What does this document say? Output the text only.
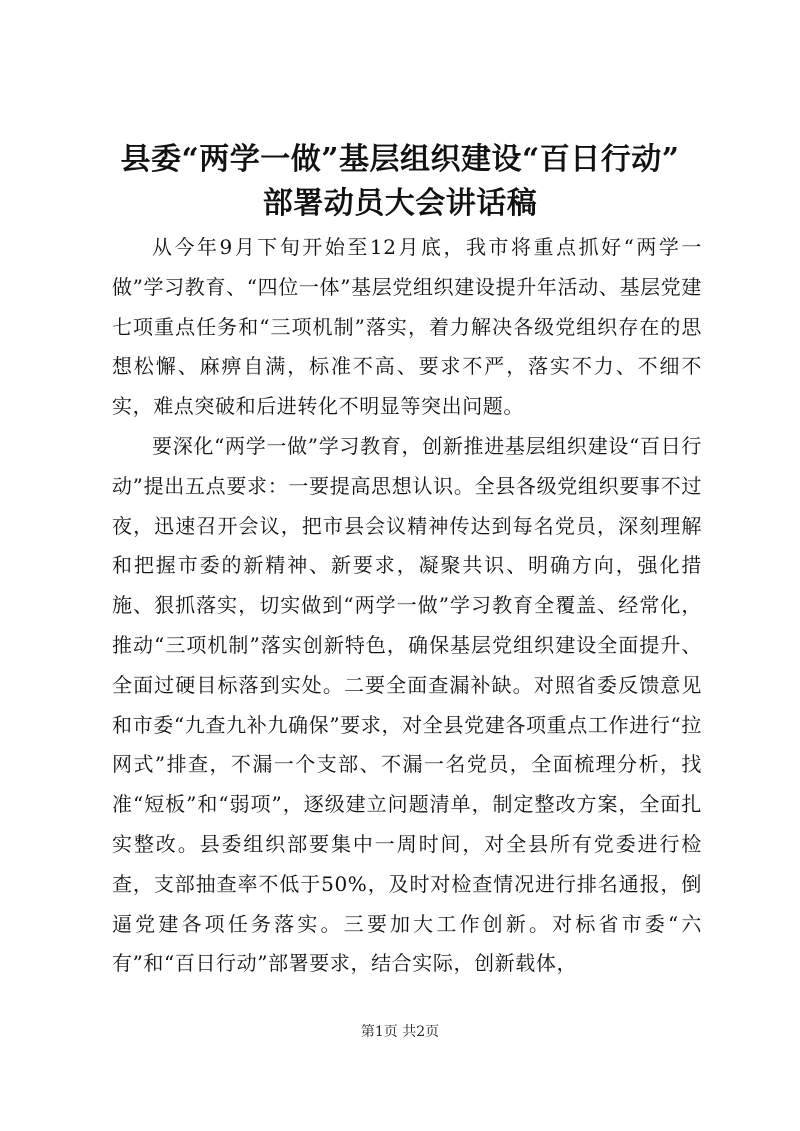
县委“两学一做”基层组织建设“百日行动”
部署动员大会讲话稿

从今年9月下旬开始至12月底，我市将重点抓好“两学一做”学习教育、“四位一体”基层党组织建设提升年活动、基层党建七项重点任务和“三项机制”落实，着力解决各级党组织存在的思想松懈、麻痹自满，标准不高、要求不严，落实不力、不细不实，难点突破和后进转化不明显等突出问题。

要深化“两学一做”学习教育，创新推进基层组织建设“百日行动”提出五点要求：一要提高思想认识。全县各级党组织要事不过夜，迅速召开会议，把市县会议精神传达到每名党员，深刻理解和把握市委的新精神、新要求，凝聚共识、明确方向，强化措施、狠抓落实，切实做到“两学一做”学习教育全覆盖、经常化，推动“三项机制”落实创新特色，确保基层党组织建设全面提升、全面过硬目标落到实处。二要全面查漏补缺。对照省委反馈意见和市委“九查九补九确保”要求，对全县党建各项重点工作进行“拉网式”排查，不漏一个支部、不漏一名党员，全面梳理分析，找准“短板”和“弱项”，逐级建立问题清单，制定整改方案，全面扎实整改。县委组织部要集中一周时间，对全县所有党委进行检查，支部抽查率不低于50%，及时对检查情况进行排名通报，倒逼党建各项任务落实。三要加大工作创新。对标省市委“六有”和“百日行动”部署要求，结合实际，创新载体，

第1页 共2页
